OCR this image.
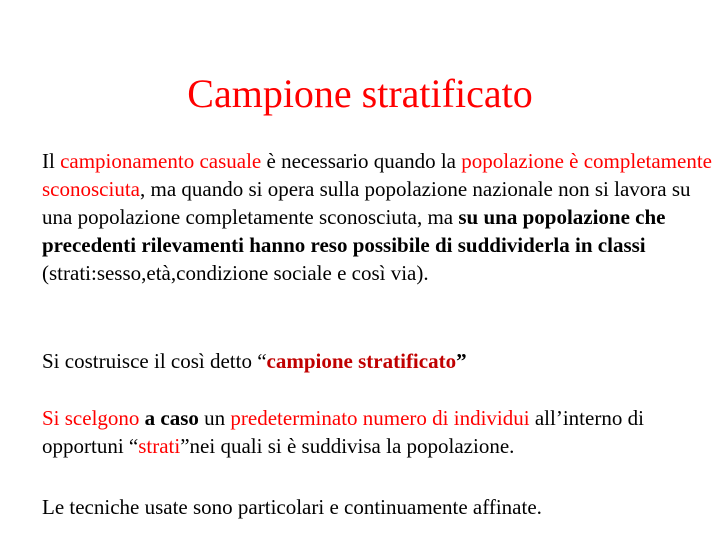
Campione stratificato

Il campionamento casuale è necessario quando la popolazione è completamente sconosciuta, ma quando si opera sulla popolazione nazionale non si lavora su una popolazione completamente sconosciuta, ma su una popolazione che precedenti rilevamenti hanno reso possibile di suddividerla in classi (strati:sesso,età,condizione sociale e così via).

Si costruisce il così detto “campione stratificato”

Si scelgono a caso un predeterminato numero di individui all’interno di opportuni “strati”nei quali si è suddivisa la popolazione.

Le tecniche usate sono particolari e continuamente affinate.
